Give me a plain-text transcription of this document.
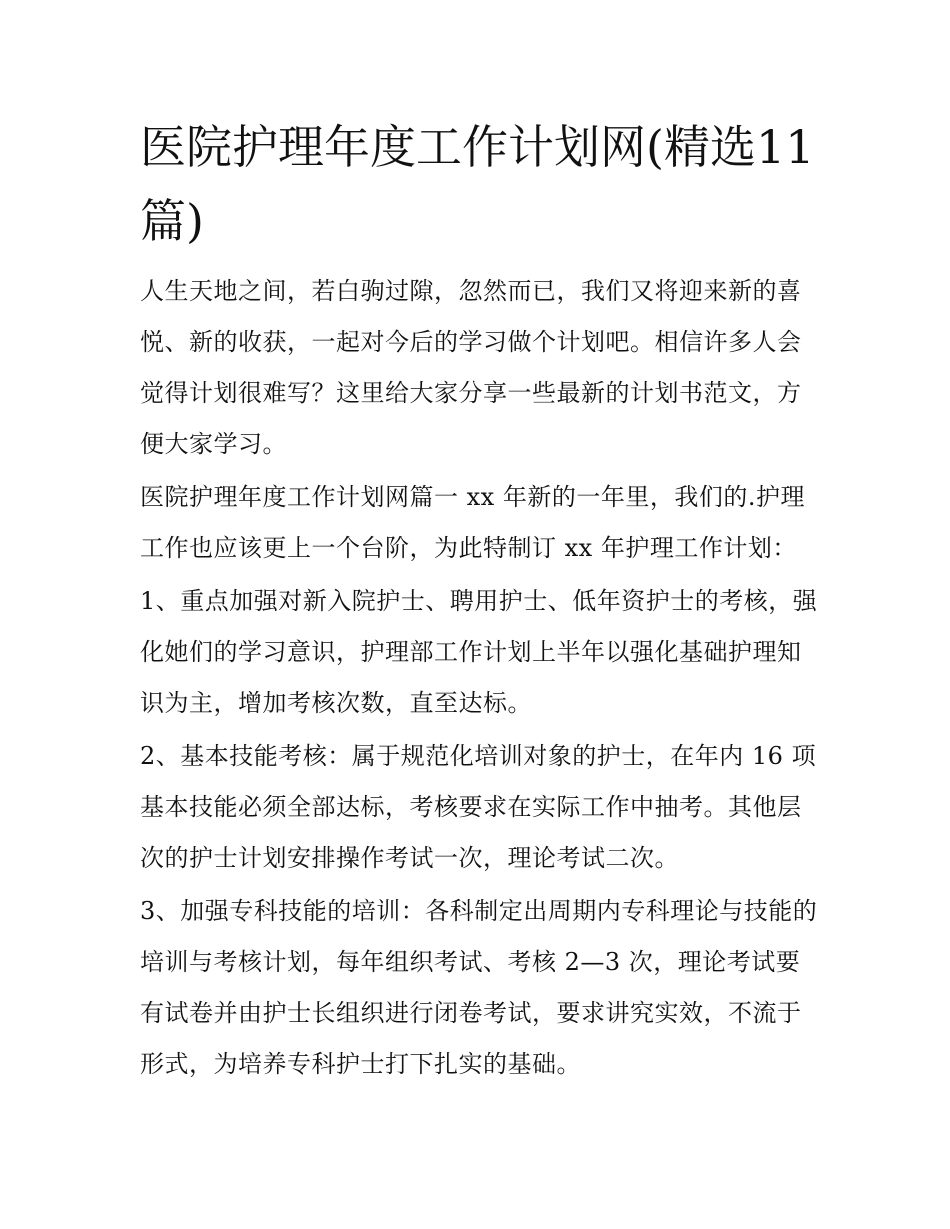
医院护理年度工作计划网(精选11篇)

人生天地之间，若白驹过隙，忽然而已，我们又将迎来新的喜悦、新的收获，一起对今后的学习做个计划吧。相信许多人会觉得计划很难写？这里给大家分享一些最新的计划书范文，方便大家学习。

医院护理年度工作计划网篇一 xx 年新的一年里，我们的.护理工作也应该更上一个台阶，为此特制订 xx 年护理工作计划：

1、重点加强对新入院护士、聘用护士、低年资护士的考核，强化她们的学习意识，护理部工作计划上半年以强化基础护理知识为主，增加考核次数，直至达标。

2、基本技能考核：属于规范化培训对象的护士，在年内 16 项基本技能必须全部达标，考核要求在实际工作中抽考。其他层次的护士计划安排操作考试一次，理论考试二次。

3、加强专科技能的培训：各科制定出周期内专科理论与技能的培训与考核计划，每年组织考试、考核 2—3 次，理论考试要有试卷并由护士长组织进行闭卷考试，要求讲究实效，不流于形式，为培养专科护士打下扎实的基础。
